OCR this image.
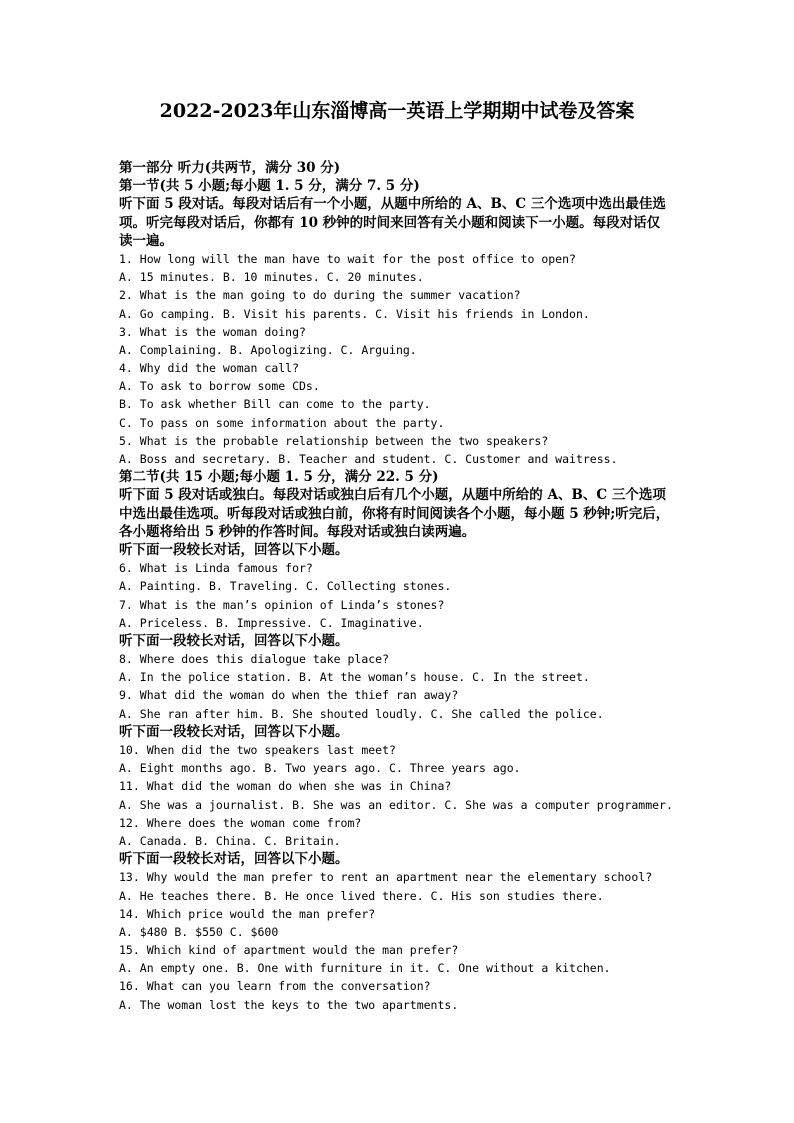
2022-2023年山东淄博高一英语上学期期中试卷及答案
第一部分 听力(共两节，满分 30 分)
第一节(共 5 小题;每小题 1. 5 分，满分 7. 5 分)
听下面 5 段对话。每段对话后有一个小题，从题中所给的 A、B、C 三个选项中选出最佳选
项。听完每段对话后，你都有 10 秒钟的时间来回答有关小题和阅读下一小题。每段对话仅
读一遍。
1. How long will the man have to wait for the post office to open?
A. 15 minutes. B. 10 minutes. C. 20 minutes.
2. What is the man going to do during the summer vacation?
A. Go camping. B. Visit his parents. C. Visit his friends in London.
3. What is the woman doing?
A. Complaining. B. Apologizing. C. Arguing.
4. Why did the woman call?
A. To ask to borrow some CDs.
B. To ask whether Bill can come to the party.
C. To pass on some information about the party.
5. What is the probable relationship between the two speakers?
A. Boss and secretary. B. Teacher and student. C. Customer and waitress.
第二节(共 15 小题;每小题 1. 5 分，满分 22. 5 分)
听下面 5 段对话或独白。每段对话或独白后有几个小题，从题中所给的 A、B、C 三个选项
中选出最佳选项。听每段对话或独白前，你将有时间阅读各个小题，每小题 5 秒钟;听完后，
各小题将给出 5 秒钟的作答时间。每段对话或独白读两遍。
听下面一段较长对话，回答以下小题。
6. What is Linda famous for?
A. Painting. B. Traveling. C. Collecting stones.
7. What is the man’s opinion of Linda’s stones?
A. Priceless. B. Impressive. C. Imaginative.
听下面一段较长对话，回答以下小题。
8. Where does this dialogue take place?
A. In the police station. B. At the woman’s house. C. In the street.
9. What did the woman do when the thief ran away?
A. She ran after him. B. She shouted loudly. C. She called the police.
听下面一段较长对话，回答以下小题。
10. When did the two speakers last meet?
A. Eight months ago. B. Two years ago. C. Three years ago.
11. What did the woman do when she was in China?
A. She was a journalist. B. She was an editor. C. She was a computer programmer.
12. Where does the woman come from?
A. Canada. B. China. C. Britain.
听下面一段较长对话，回答以下小题。
13. Why would the man prefer to rent an apartment near the elementary school?
A. He teaches there. B. He once lived there. C. His son studies there.
14. Which price would the man prefer?
A. $480 B. $550 C. $600
15. Which kind of apartment would the man prefer?
A. An empty one. B. One with furniture in it. C. One without a kitchen.
16. What can you learn from the conversation?
A. The woman lost the keys to the two apartments.
